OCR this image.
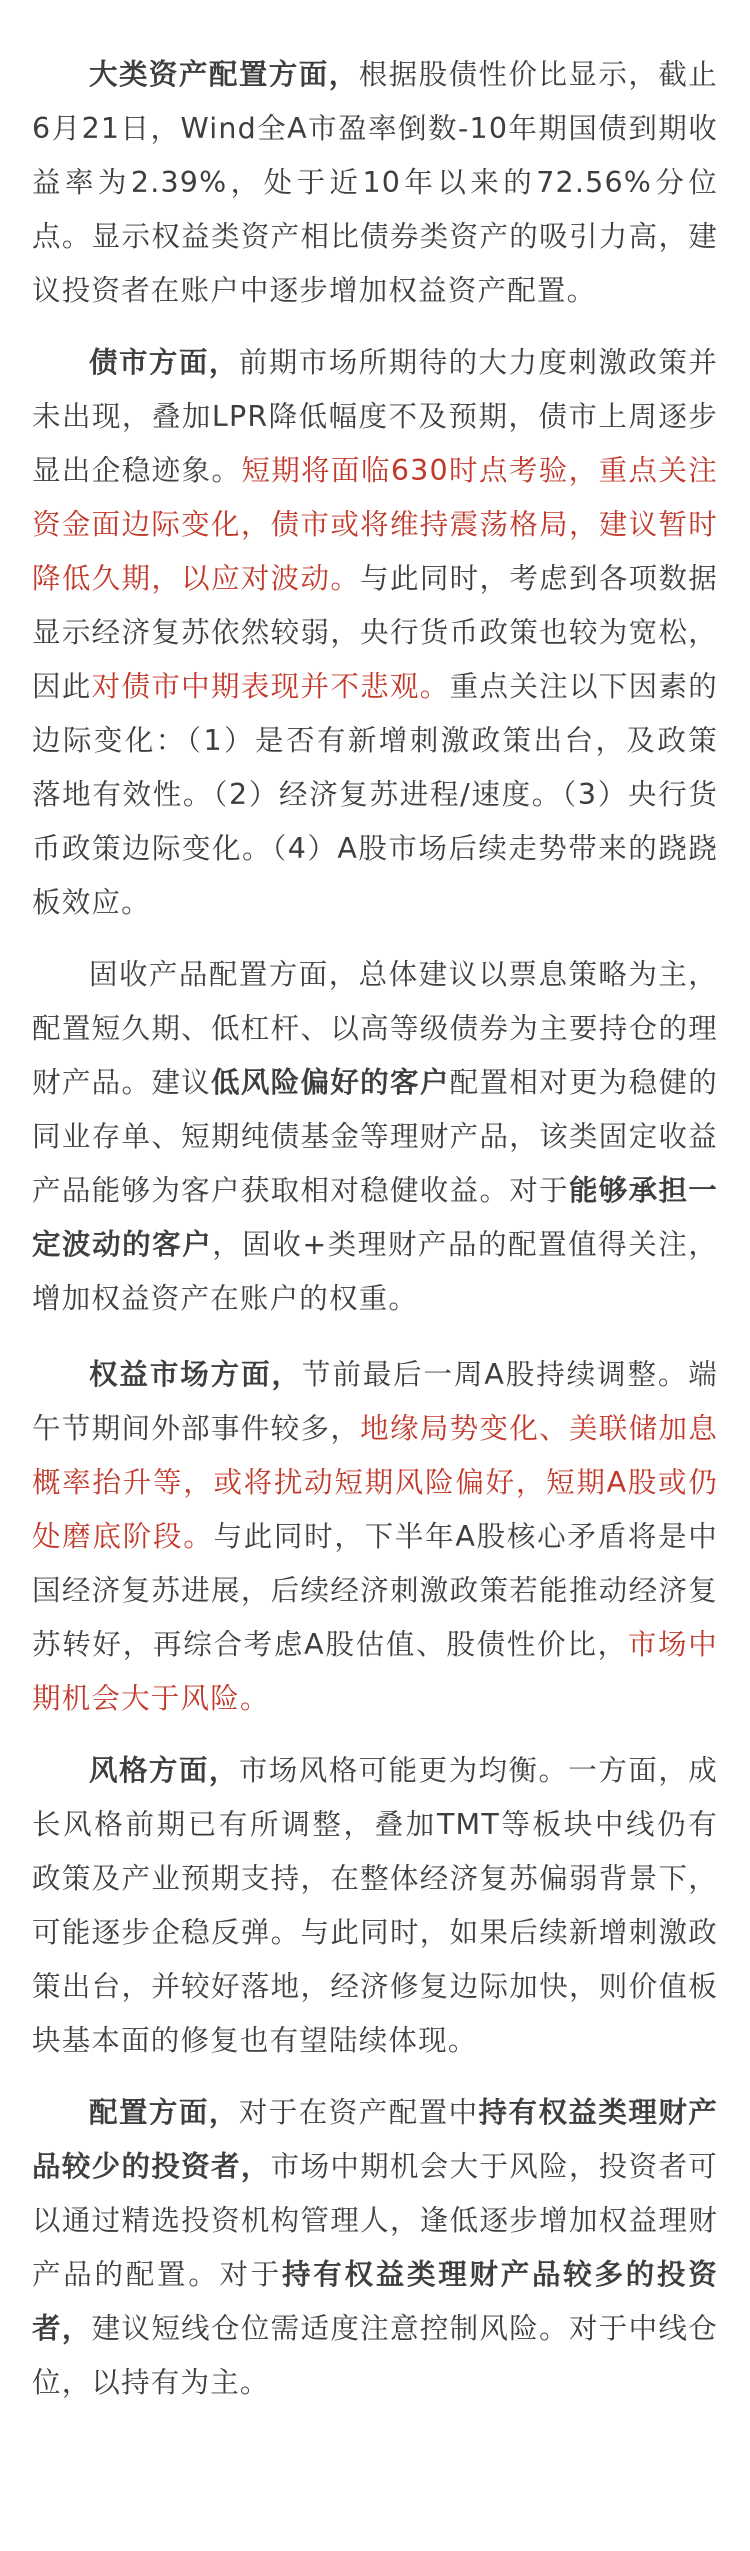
大类资产配置方面，根据股债性价比显示，截止6月21日，Wind全A市盈率倒数-10年期国债到期收益率为2.39%，处于近10年以来的72.56%分位点。显示权益类资产相比债券类资产的吸引力高，建议投资者在账户中逐步增加权益资产配置。

债市方面，前期市场所期待的大力度刺激政策并未出现，叠加LPR降低幅度不及预期，债市上周逐步显出企稳迹象。短期将面临630时点考验，重点关注资金面边际变化，债市或将维持震荡格局，建议暂时降低久期，以应对波动。与此同时，考虑到各项数据显示经济复苏依然较弱，央行货币政策也较为宽松，因此对债市中期表现并不悲观。重点关注以下因素的边际变化：（1）是否有新增刺激政策出台，及政策落地有效性。（2）经济复苏进程/速度。（3）央行货币政策边际变化。（4）A股市场后续走势带来的跷跷板效应。

固收产品配置方面，总体建议以票息策略为主，配置短久期、低杠杆、以高等级债券为主要持仓的理财产品。建议低风险偏好的客户配置相对更为稳健的同业存单、短期纯债基金等理财产品，该类固定收益产品能够为客户获取相对稳健收益。对于能够承担一定波动的客户，固收+类理财产品的配置值得关注，增加权益资产在账户的权重。

权益市场方面，节前最后一周A股持续调整。端午节期间外部事件较多，地缘局势变化、美联储加息概率抬升等，或将扰动短期风险偏好，短期A股或仍处磨底阶段。与此同时，下半年A股核心矛盾将是中国经济复苏进展，后续经济刺激政策若能推动经济复苏转好，再综合考虑A股估值、股债性价比，市场中期机会大于风险。

风格方面，市场风格可能更为均衡。一方面，成长风格前期已有所调整，叠加TMT等板块中线仍有政策及产业预期支持，在整体经济复苏偏弱背景下，可能逐步企稳反弹。与此同时，如果后续新增刺激政策出台，并较好落地，经济修复边际加快，则价值板块基本面的修复也有望陆续体现。

配置方面，对于在资产配置中持有权益类理财产品较少的投资者，市场中期机会大于风险，投资者可以通过精选投资机构管理人，逢低逐步增加权益理财产品的配置。对于持有权益类理财产品较多的投资者，建议短线仓位需适度注意控制风险。对于中线仓位，以持有为主。
